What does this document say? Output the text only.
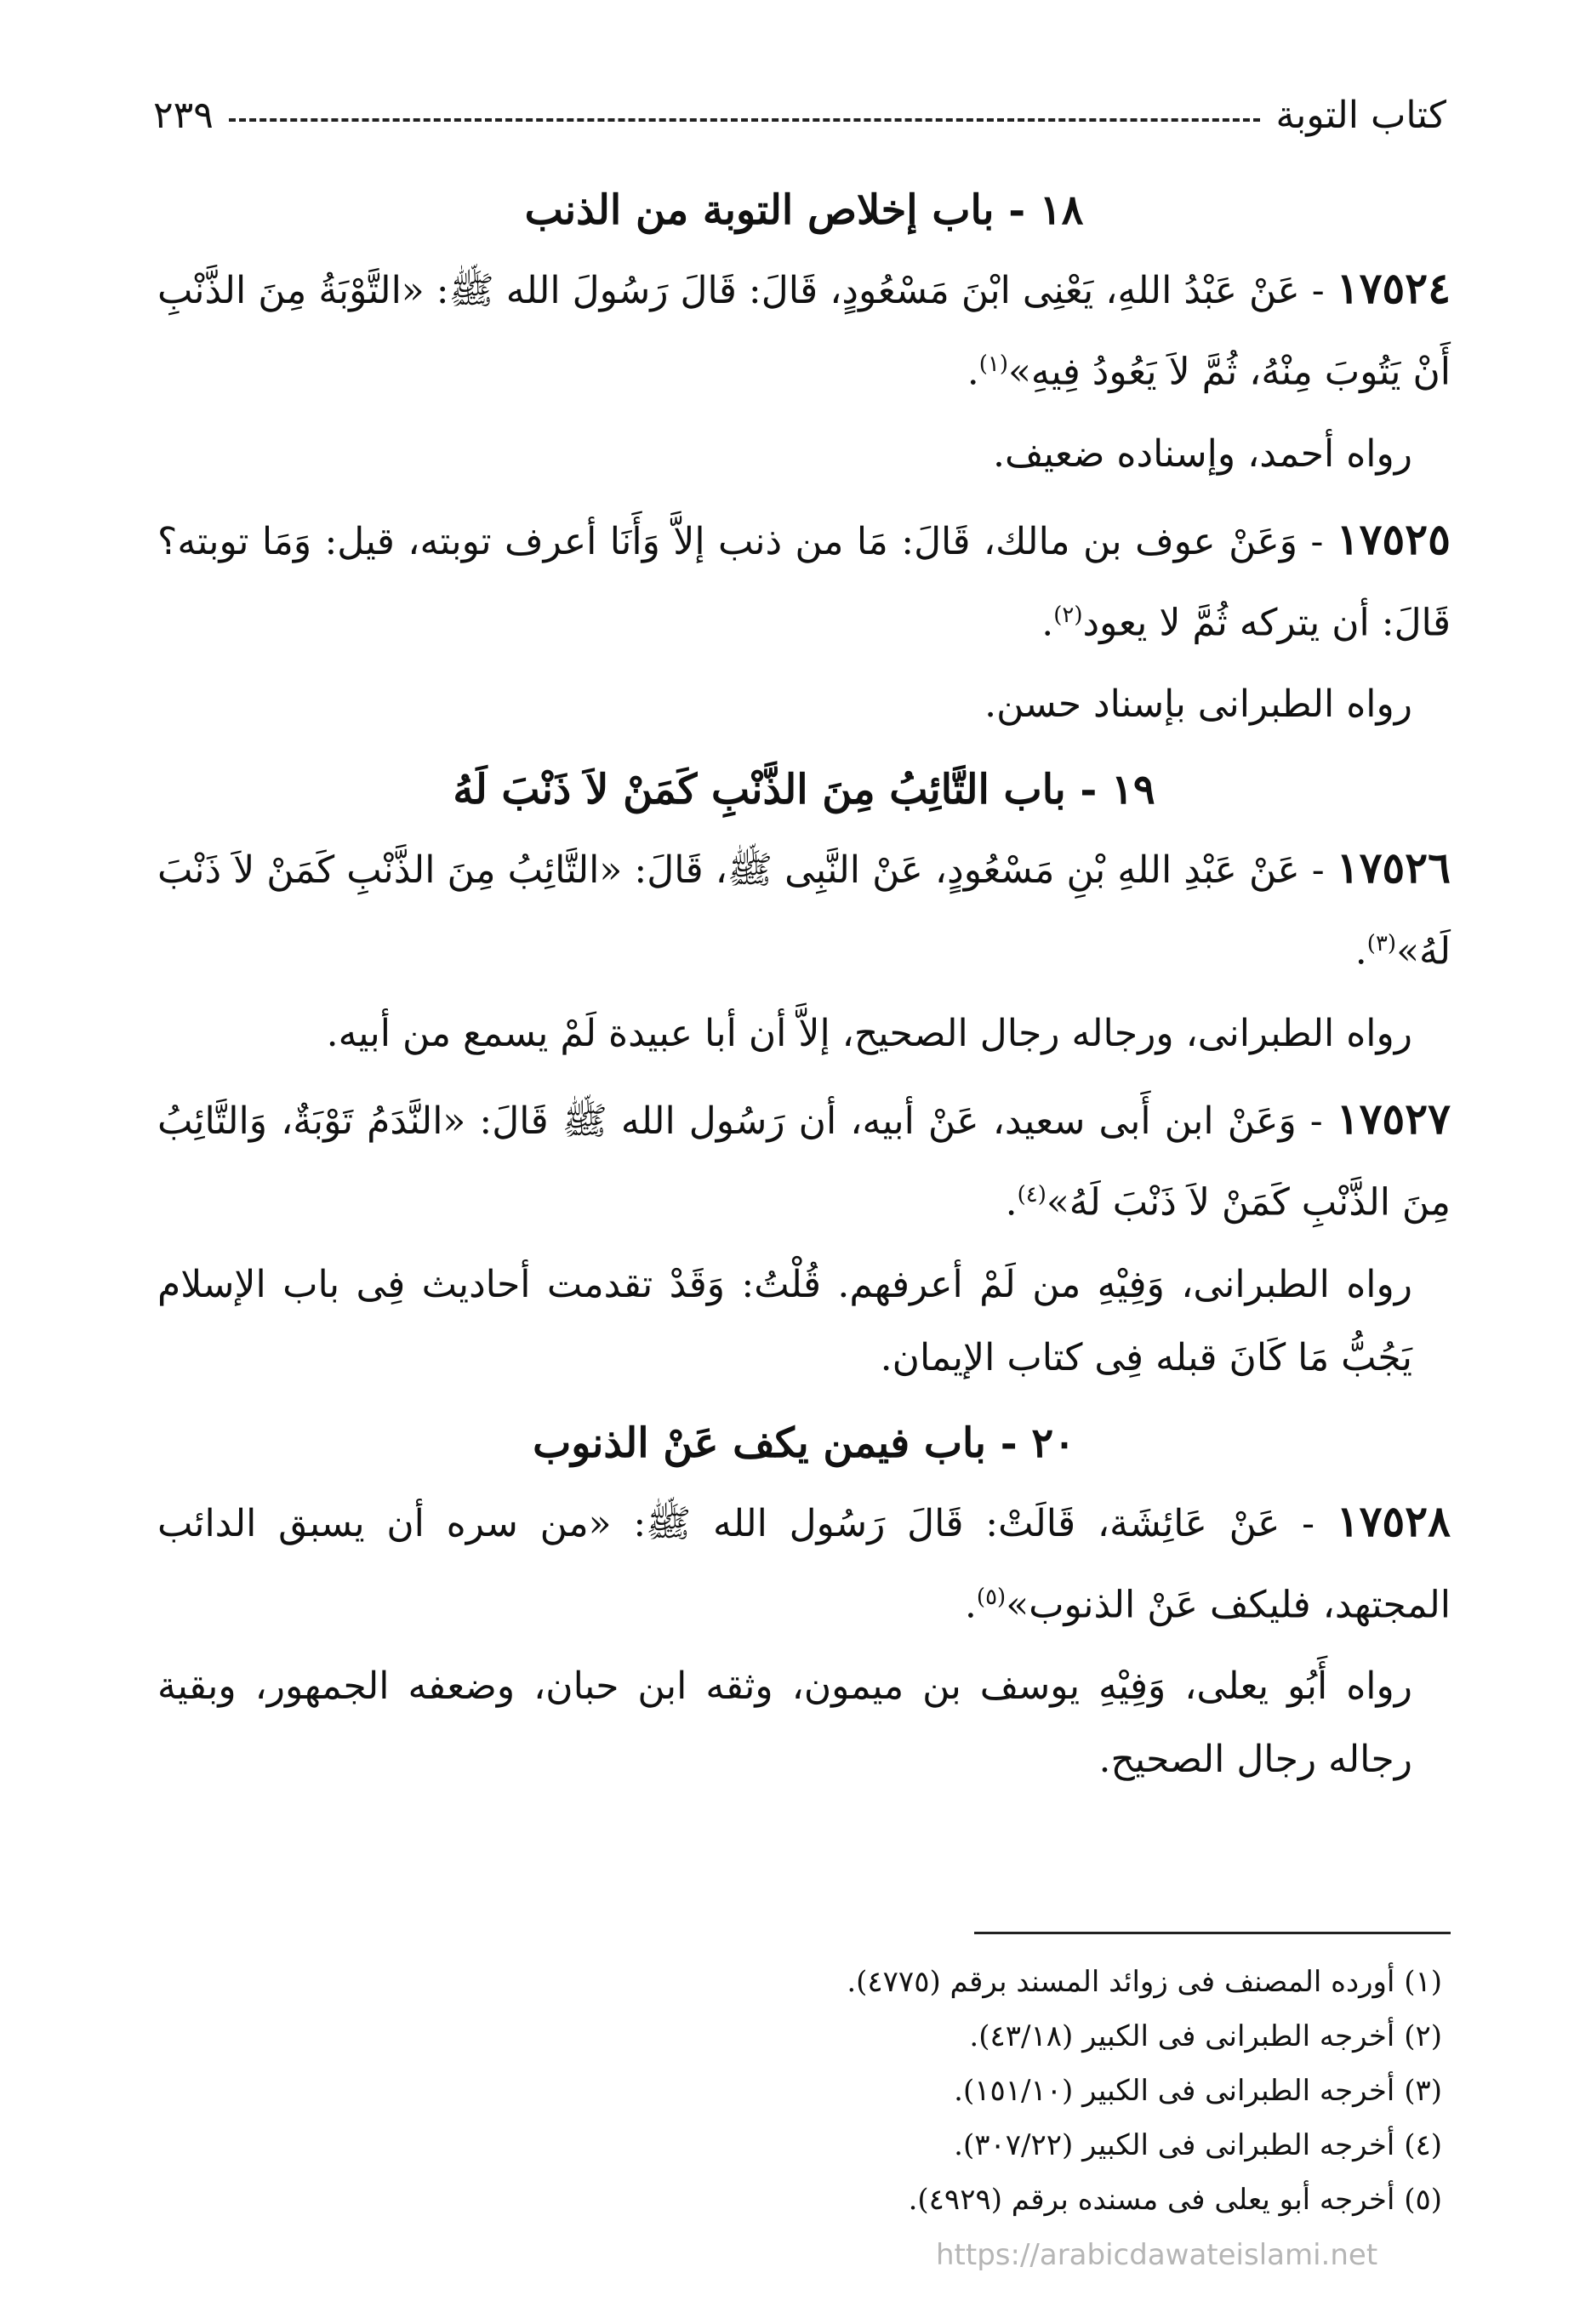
كتاب التوبة
٢٣٩
١٨ - باب إخلاص التوبة من الذنب

١٧٥٢٤ - عَنْ عَبْدُ اللهِ، يَعْنِى ابْنَ مَسْعُودٍ، قَالَ: قَالَ رَسُولَ الله ﷺ: «التَّوْبَةُ مِنَ الذَّنْبِ أَنْ يَتُوبَ مِنْهُ، ثُمَّ لاَ يَعُودُ فِيهِ»$^{(١)}$.

رواه أحمد، وإسناده ضعيف.

١٧٥٢٥ - وَعَنْ عوف بن مالك، قَالَ: مَا من ذنب إلاَّ وَأَنَا أعرف توبته، قيل: وَمَا توبته؟ قَالَ: أن يتركه ثُمَّ لا يعود$^{(٢)}$.

رواه الطبرانى بإسناد حسن.

١٩ - باب التَّائِبُ مِنَ الذَّنْبِ كَمَنْ لاَ ذَنْبَ لَهُ

١٧٥٢٦ - عَنْ عَبْدِ اللهِ بْنِ مَسْعُودٍ، عَنْ النَّبِى ﷺ، قَالَ: «التَّائِبُ مِنَ الذَّنْبِ كَمَنْ لاَ ذَنْبَ لَهُ»$^{(٣)}$.

رواه الطبرانى، ورجاله رجال الصحيح، إلاَّ أن أبا عبيدة لَمْ يسمع من أبيه.

١٧٥٢٧ - وَعَنْ ابن أَبى سعيد، عَنْ أبيه، أن رَسُول الله ﷺ قَالَ: «النَّدَمُ تَوْبَةٌ، وَالتَّائِبُ مِنَ الذَّنْبِ كَمَنْ لاَ ذَنْبَ لَهُ»$^{(٤)}$.

رواه الطبرانى، وَفِيْهِ من لَمْ أعرفهم. قُلْتُ: وَقَدْ تقدمت أحاديث فِى باب الإسلام يَجُبُّ مَا كَانَ قبله فِى كتاب الإيمان.

٢٠ - باب فيمن يكف عَنْ الذنوب

١٧٥٢٨ - عَنْ عَائِشَة، قَالَتْ: قَالَ رَسُول الله ﷺ: «من سره أن يسبق الدائب المجتهد، فليكف عَنْ الذنوب»$^{(٥)}$.

رواه أَبُو يعلى، وَفِيْهِ يوسف بن ميمون، وثقه ابن حبان، وضعفه الجمهور، وبقية رجاله رجال الصحيح.

(١) أورده المصنف فى زوائد المسند برقم (٤٧٧٥).
(٢) أخرجه الطبرانى فى الكبير (٤٣/١٨).
(٣) أخرجه الطبرانى فى الكبير (١٥١/١٠).
(٤) أخرجه الطبرانى فى الكبير (٣٠٧/٢٢).
(٥) أخرجه أبو يعلى فى مسنده برقم (٤٩٢٩).
https://arabicdawateislami.net
